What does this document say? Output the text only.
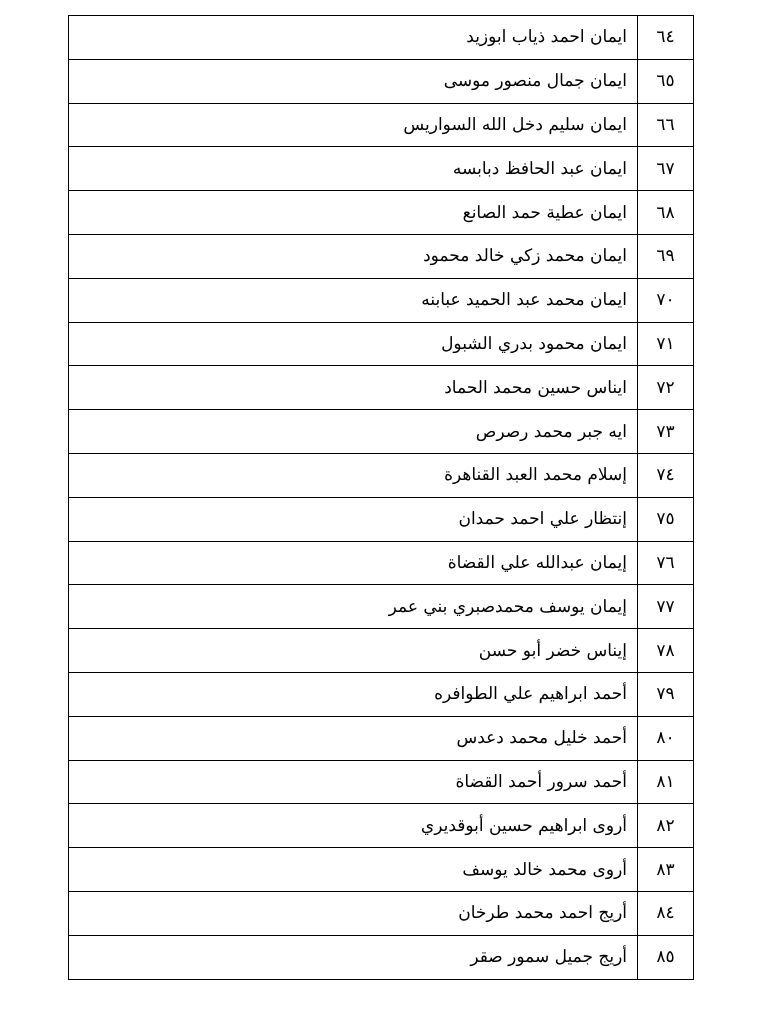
٦٤	ايمان احمد ذياب ابوزيد
٦٥	ايمان جمال منصور موسى
٦٦	ايمان سليم دخل الله السواريس
٦٧	ايمان عبد الحافظ دبابسه
٦٨	ايمان عطية حمد الصانع
٦٩	ايمان محمد زكي خالد محمود
٧٠	ايمان محمد عبد الحميد عبابنه
٧١	ايمان محمود بدري الشبول
٧٢	ايناس حسين محمد الحماد
٧٣	ايه جبر محمد رصرص
٧٤	إسلام محمد العبد القناهرة
٧٥	إنتظار علي احمد حمدان
٧٦	إيمان عبدالله علي القضاة
٧٧	إيمان يوسف محمدصبري بني عمر
٧٨	إيناس خضر أبو حسن
٧٩	أحمد ابراهيم علي الطوافره
٨٠	أحمد خليل محمد دعدس
٨١	أحمد سرور أحمد القضاة
٨٢	أروى ابراهيم حسين أبوقديري
٨٣	أروى محمد خالد يوسف
٨٤	أريج احمد محمد طرخان
٨٥	أريج جميل سمور صقر
